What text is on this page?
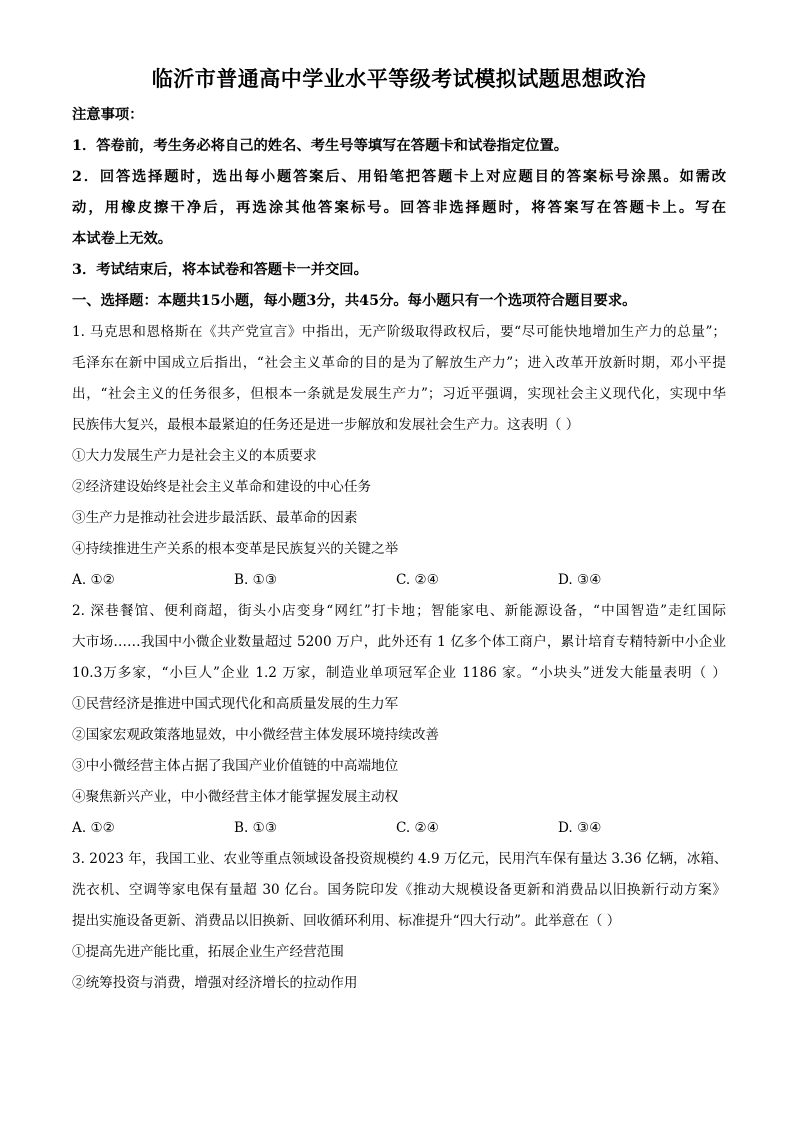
临沂市普通高中学业水平等级考试模拟试题思想政治

注意事项：

1．答卷前，考生务必将自己的姓名、考生号等填写在答题卡和试卷指定位置。

2．回答选择题时，选出每小题答案后、用铅笔把答题卡上对应题目的答案标号涂黑。如需改

动，用橡皮擦干净后，再选涂其他答案标号。回答非选择题时，将答案写在答题卡上。写在

本试卷上无效。

3．考试结束后，将本试卷和答题卡一并交回。

一、选择题：本题共15小题，每小题3分，共45分。每小题只有一个选项符合题目要求。

1. 马克思和恩格斯在《共产党宣言》中指出，无产阶级取得政权后，要“尽可能快地增加生产力的总量”；
毛泽东在新中国成立后指出，“社会主义革命的目的是为了解放生产力”；进入改革开放新时期，邓小平提
出，“社会主义的任务很多，但根本一条就是发展生产力”；习近平强调，实现社会主义现代化，实现中华
民族伟大复兴，最根本最紧迫的任务还是进一步解放和发展社会生产力。这表明（ ）

①大力发展生产力是社会主义的本质要求

②经济建设始终是社会主义革命和建设的中心任务

③生产力是推动社会进步最活跃、最革命的因素

④持续推进生产关系的根本变革是民族复兴的关键之举

A. ①②	B. ①③	C. ②④	D. ③④

2. 深巷餐馆、便利商超，街头小店变身“网红”打卡地；智能家电、新能源设备，“中国智造”走红国际
大市场……我国中小微企业数量超过 5200 万户，此外还有 1 亿多个体工商户，累计培育专精特新中小企业
10.3万多家，“小巨人”企业 1.2 万家，制造业单项冠军企业 1186 家。“小块头”迸发大能量表明（ ）

①民营经济是推进中国式现代化和高质量发展的生力军

②国家宏观政策落地显效，中小微经营主体发展环境持续改善

③中小微经营主体占据了我国产业价值链的中高端地位

④聚焦新兴产业，中小微经营主体才能掌握发展主动权

A. ①②	B. ①③	C. ②④	D. ③④

3. 2023 年，我国工业、农业等重点领域设备投资规模约 4.9 万亿元，民用汽车保有量达 3.36 亿辆，冰箱、
洗衣机、空调等家电保有量超 30 亿台。国务院印发《推动大规模设备更新和消费品以旧换新行动方案》
提出实施设备更新、消费品以旧换新、回收循环利用、标准提升“四大行动”。此举意在（ ）

①提高先进产能比重，拓展企业生产经营范围

②统筹投资与消费，增强对经济增长的拉动作用
